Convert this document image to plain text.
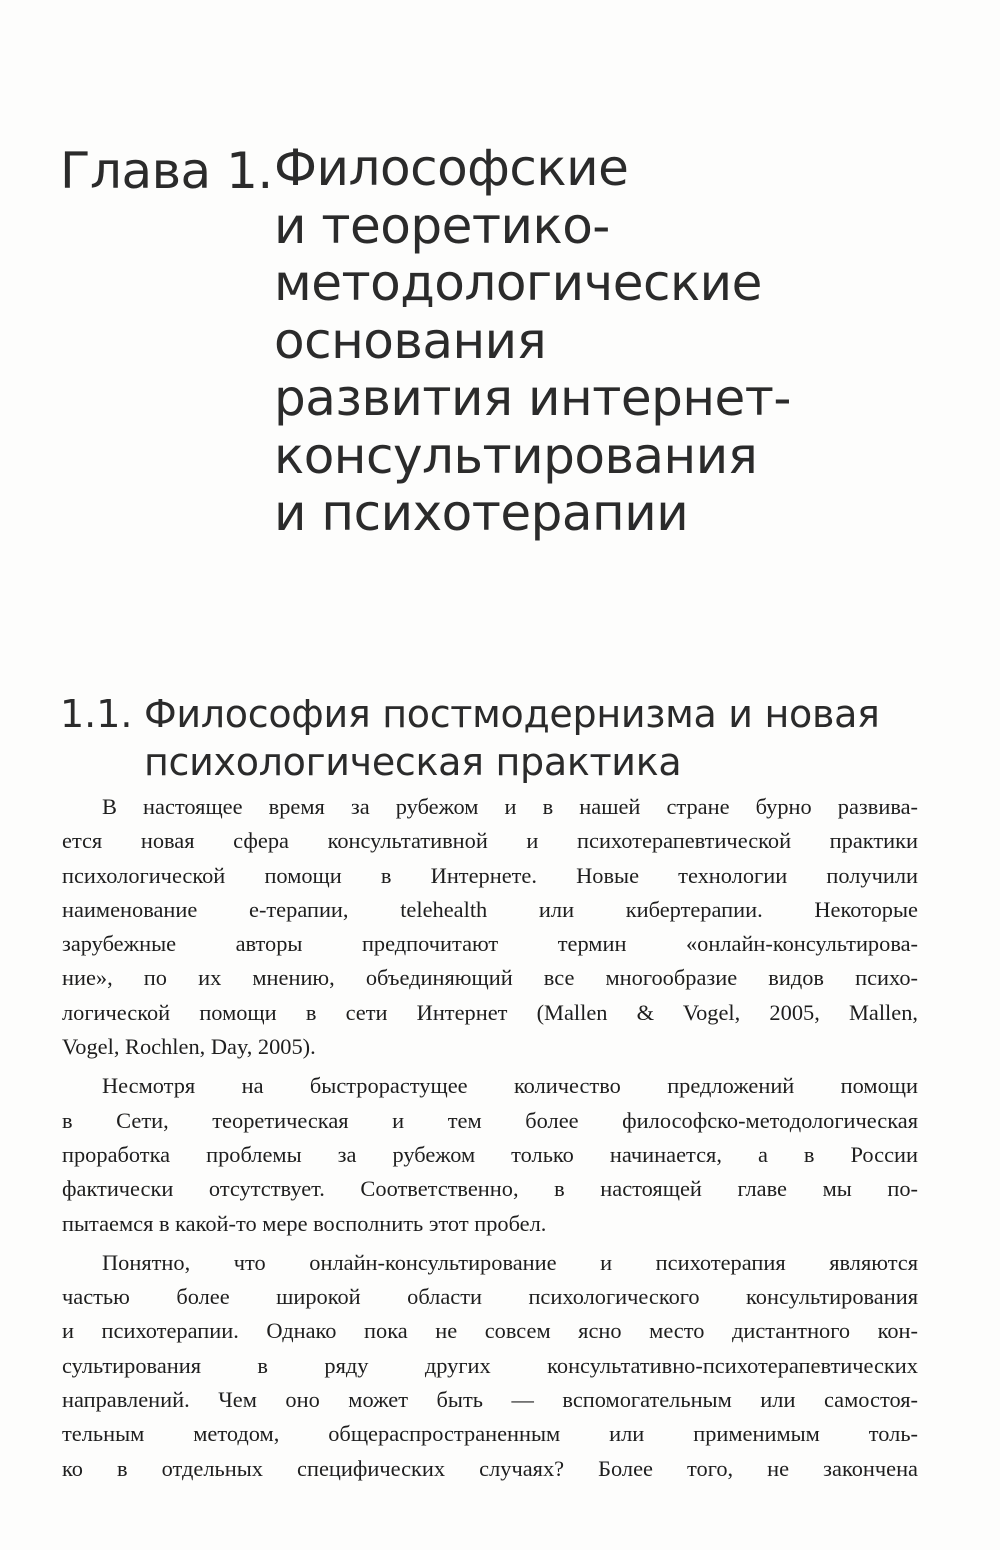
Глава 1. Философские
и теоретико-
методологические
основания
развития интернет-
консультирования
и психотерапии
1.1. Философия постмодернизма и новая
психологическая практика
В настоящее время за рубежом и в нашей стране бурно развива-
ется новая сфера консультативной и психотерапевтической практики
психологической помощи в Интернете. Новые технологии получили
наименование е-терапии, telehealth или кибертерапии. Некоторые
зарубежные авторы предпочитают термин «онлайн-консультирова-
ние», по их мнению, объединяющий все многообразие видов психо-
логической помощи в сети Интернет (Mallen & Vogel, 2005, Mallen,
Vogel, Rochlen, Day, 2005).
Несмотря на быстрорастущее количество предложений помощи
в Сети, теоретическая и тем более философско-методологическая
проработка проблемы за рубежом только начинается, а в России
фактически отсутствует. Соответственно, в настоящей главе мы по-
пытаемся в какой-то мере восполнить этот пробел.
Понятно, что онлайн-консультирование и психотерапия являются
частью более широкой области психологического консультирования
и психотерапии. Однако пока не совсем ясно место дистантного кон-
сультирования в ряду других консультативно-психотерапевтических
направлений. Чем оно может быть — вспомогательным или самостоя-
тельным методом, общераспространенным или применимым толь-
ко в отдельных специфических случаях? Более того, не закончена
